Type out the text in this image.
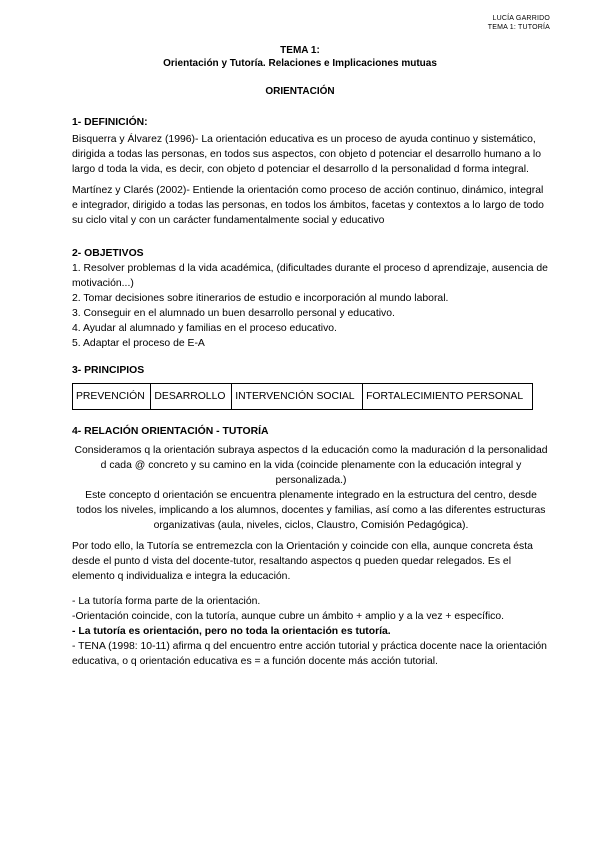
LUCÍA GARRIDO
TEMA 1: TUTORÍA
TEMA 1:
Orientación y Tutoría. Relaciones e Implicaciones mutuas
ORIENTACIÓN
1- DEFINICIÓN:

Bisquerra y Álvarez (1996)- La orientación educativa es un proceso de ayuda continuo y sistemático, dirigida a todas las personas, en todos sus aspectos, con objeto d potenciar el desarrollo humano a lo largo d toda la vida, es decir, con objeto d potenciar el desarrollo d la personalidad d forma integral.

Martínez y Clarés (2002)- Entiende la orientación como proceso de acción continuo, dinámico, integral e integrador, dirigido a todas las personas, en todos los ámbitos, facetas y contextos a lo largo de todo su ciclo vital y con un carácter fundamentalmente social y educativo

2- OBJETIVOS

1. Resolver problemas d la vida académica, (dificultades durante el proceso d aprendizaje, ausencia de motivación...)

2. Tomar decisiones sobre itinerarios de estudio e incorporación al mundo laboral.

3. Conseguir en el alumnado un buen desarrollo personal y educativo.

4. Ayudar al alumnado y familias en el proceso educativo.

5. Adaptar el proceso de E-A

3- PRINCIPIOS
PREVENCIÓN	DESARROLLO	INTERVENCIÓN SOCIAL	FORTALECIMIENTO PERSONAL
4- RELACIÓN ORIENTACIÓN - TUTORÍA

Consideramos q la orientación subraya aspectos d la educación como la maduración d la personalidad d cada @ concreto y su camino en la vida (coincide plenamente con la educación integral y personalizada.)

Este concepto d orientación se encuentra plenamente integrado en la estructura del centro, desde todos los niveles, implicando a los alumnos, docentes y familias, así como a las diferentes estructuras organizativas (aula, niveles, ciclos, Claustro, Comisión Pedagógica).

Por todo ello, la Tutoría se entremezcla con la Orientación y coincide con ella, aunque concreta ésta desde el punto d vista del docente-tutor, resaltando aspectos q pueden quedar relegados. Es el elemento q individualiza e integra la educación.

- La tutoría forma parte de la orientación.

-Orientación coincide, con la tutoría, aunque cubre un ámbito + amplio y a la vez + específico.

- La tutoría es orientación, pero no toda la orientación es tutoría.

- TENA (1998: 10-11) afirma q del encuentro entre acción tutorial y práctica docente nace la orientación educativa, o q orientación educativa es = a función docente más acción tutorial.
